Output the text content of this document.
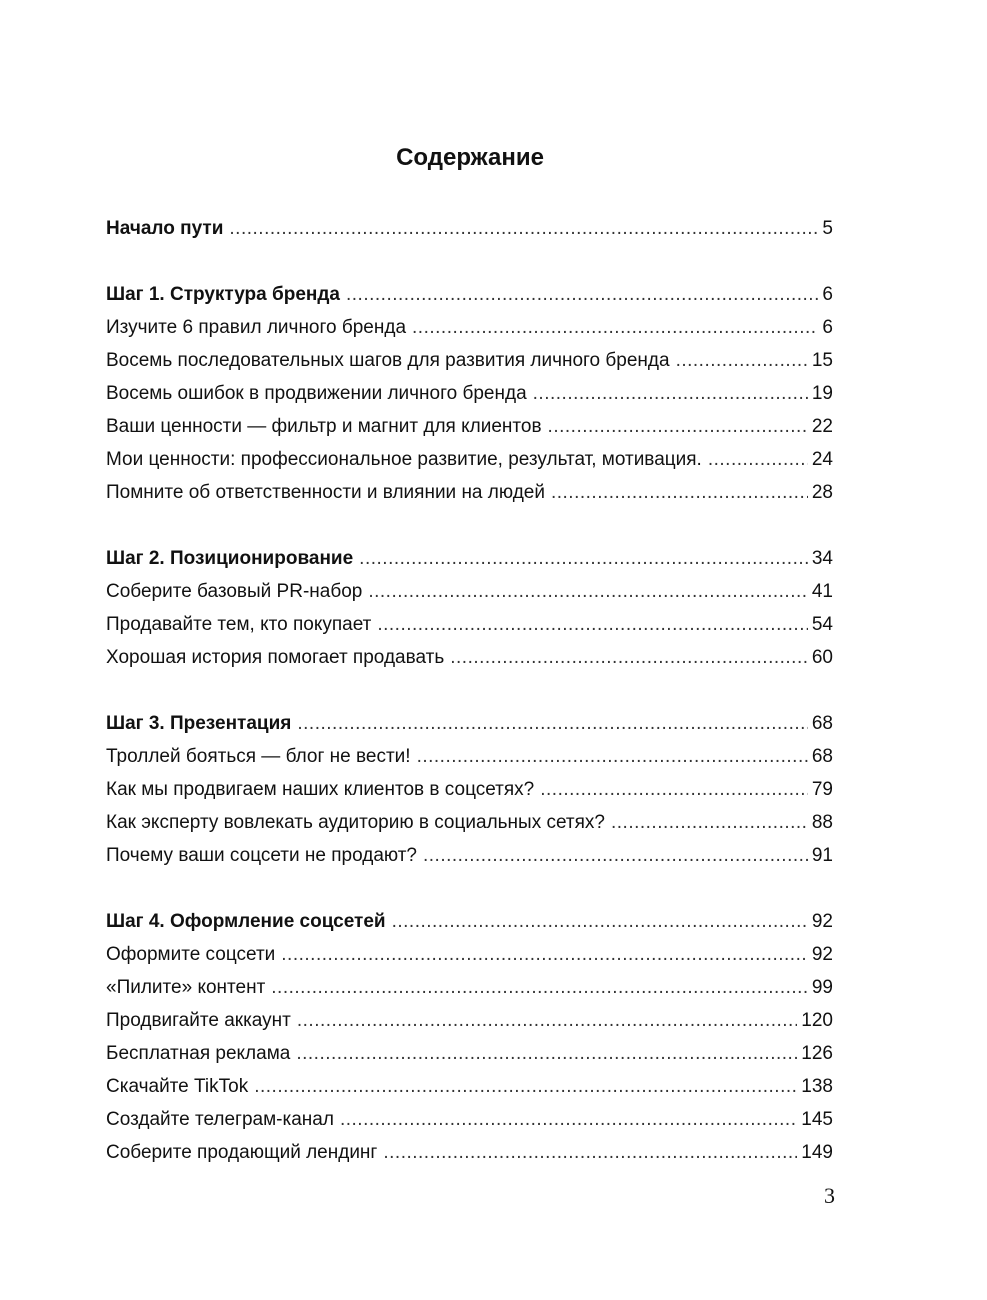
Содержание
Начало пути .....	5
Шаг 1. Структура бренда .....	6
Изучите 6 правил личного бренда .....	6
Восемь последовательных шагов для развития личного бренда .....	15
Восемь ошибок в продвижении личного бренда .....	19
Ваши ценности — фильтр и магнит для клиентов .....	22
Мои ценности: профессиональное развитие, результат, мотивация. .....	24
Помните об ответственности и влиянии на людей .....	28
Шаг 2. Позиционирование .....	34
Соберите базовый PR-набор .....	41
Продавайте тем, кто покупает .....	54
Хорошая история помогает продавать .....	60
Шаг 3. Презентация .....	68
Троллей бояться — блог не вести! .....	68
Как мы продвигаем наших клиентов в соцсетях? .....	79
Как эксперту вовлекать аудиторию в социальных сетях? .....	88
Почему ваши соцсети не продают? .....	91
Шаг 4. Оформление соцсетей .....	92
Оформите соцсети .....	92
«Пилите» контент .....	99
Продвигайте аккаунт .....	120
Бесплатная реклама .....	126
Скачайте TikTok .....	138
Создайте телеграм-канал .....	145
Соберите продающий лендинг .....	149
3
